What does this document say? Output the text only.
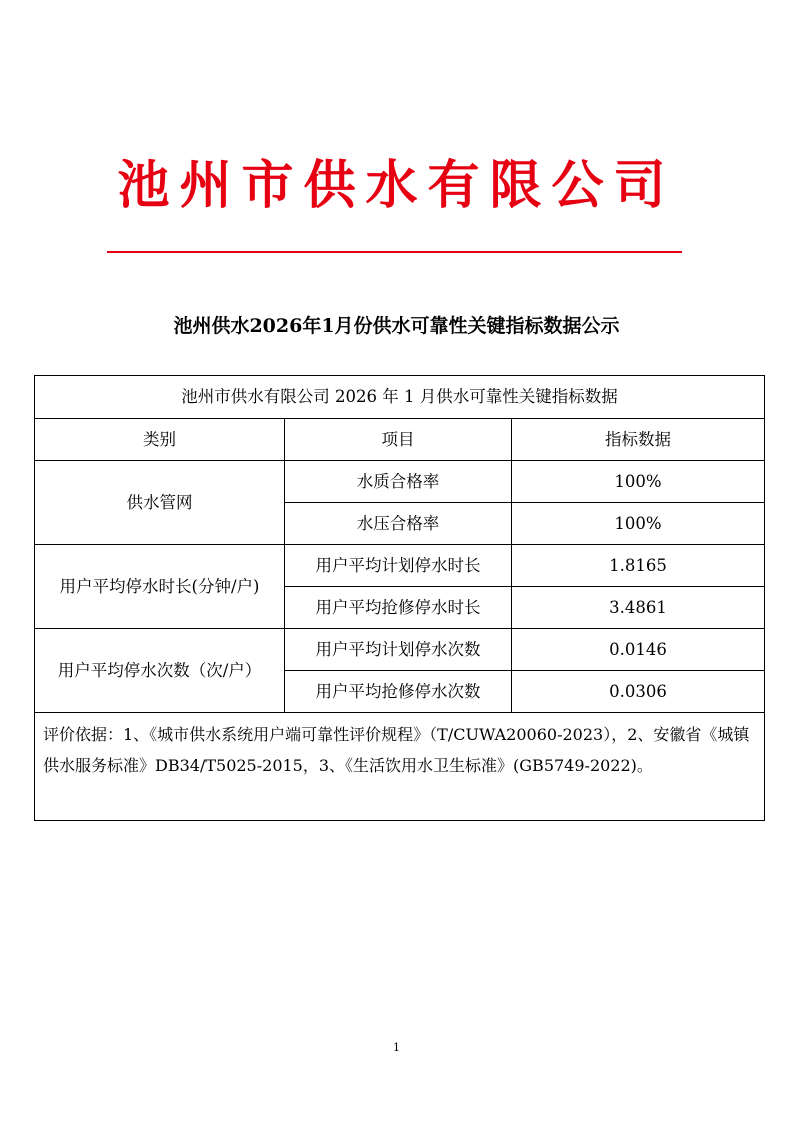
池州市供水有限公司
池州供水2026年1月份供水可靠性关键指标数据公示
池州市供水有限公司 2026 年 1 月供水可靠性关键指标数据		
类别	项目	指标数据
供水管网	水质合格率	100%
	水压合格率	100%
用户平均停水时长(分钟/户)	用户平均计划停水时长	1.8165
	用户平均抢修停水时长	3.4861
用户平均停水次数（次/户）	用户平均计划停水次数	0.0146
	用户平均抢修停水次数	0.0306
评价依据：1、《城市供水系统用户端可靠性评价规程》（T/CUWA20060-2023），2、安徽省《城镇供水服务标准》DB34/T5025-2015，3、《生活饮用水卫生标准》(GB5749-2022)。		
1
